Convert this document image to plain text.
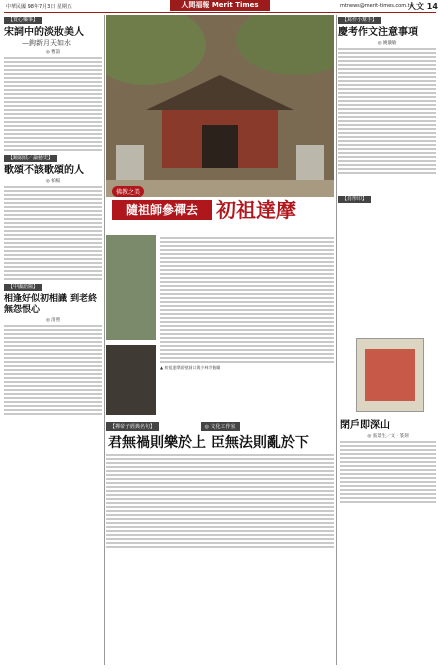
中華民國 98年7月3日 星期五	人間福報 Merit Times	mtnews@merit-times.com.tw
人文 14
【賞心樂事】

宋詞中的淡妝美人

—鉤新月天如水
◎ 曹誼
【鏡頭底／論藝史】

歌頌不該歌頌的人

◎ 柏楊
【中國語醫】

相逢好似初相識 到老終無怨恨心

◎ 清照
佛教之美
隨祖師參禪去 初祖達摩
▲ 初祖達摩面壁洞口與少林寺俯瞰
【禪帝子經典名句】	◎ 文化工作室
君無禍則樂於上 臣無法則亂於下
【寫作小幫手】

慶考作文注意事項

◎ 姚儀敏
【肖形印】

閉戶即深山

◎ 張景生／文‧篆刻
